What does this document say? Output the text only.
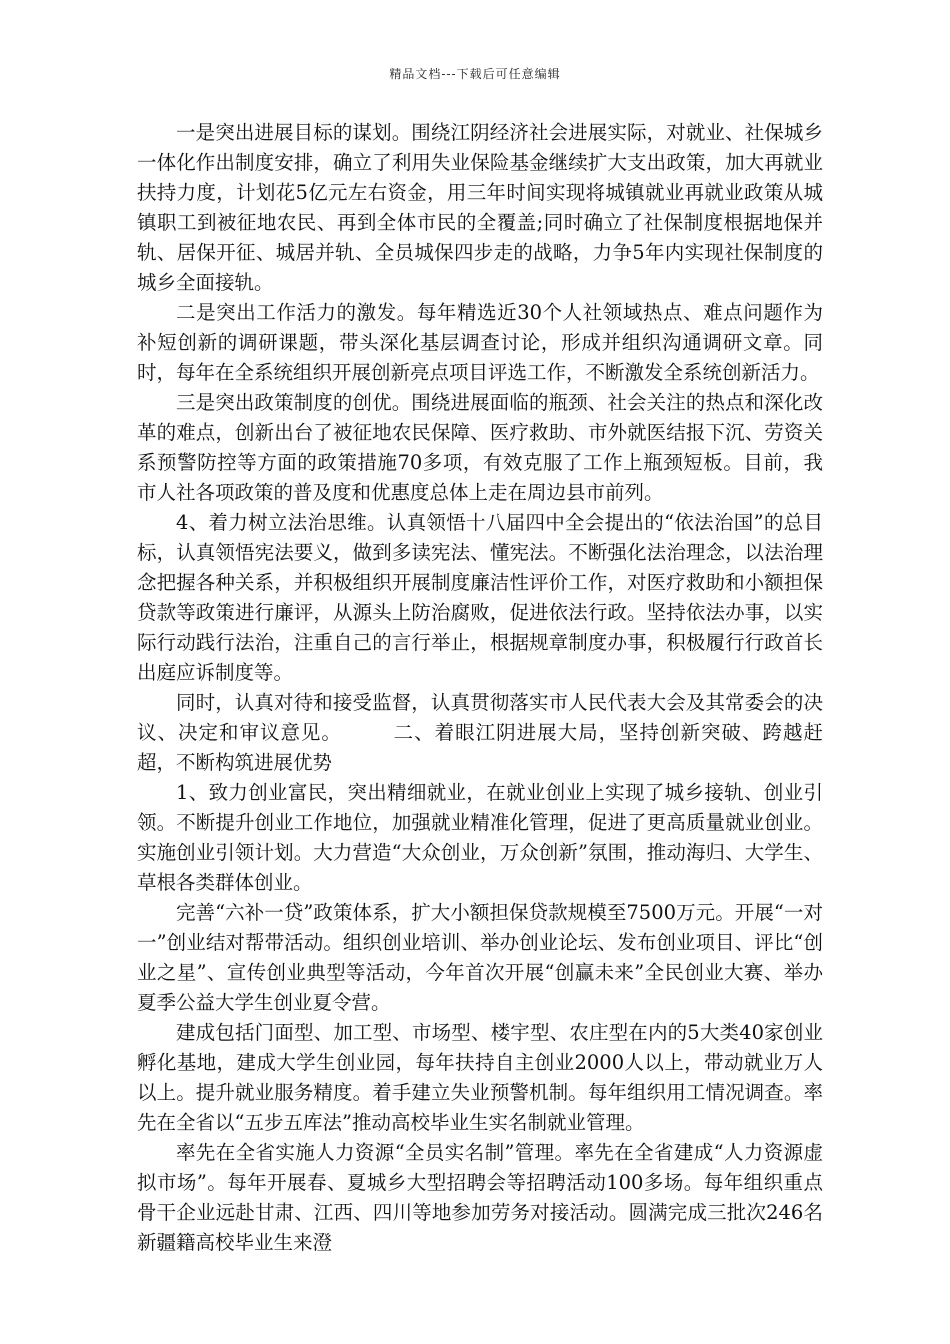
精品文档---下载后可任意编辑

一是突出进展目标的谋划。围绕江阴经济社会进展实际，对就业、社保城乡一体化作出制度安排，确立了利用失业保险基金继续扩大支出政策，加大再就业扶持力度，计划花5亿元左右资金，用三年时间实现将城镇就业再就业政策从城镇职工到被征地农民、再到全体市民的全覆盖;同时确立了社保制度根据地保并轨、居保开征、城居并轨、全员城保四步走的战略，力争5年内实现社保制度的城乡全面接轨。

二是突出工作活力的激发。每年精选近30个人社领域热点、难点问题作为补短创新的调研课题，带头深化基层调查讨论，形成并组织沟通调研文章。同时，每年在全系统组织开展创新亮点项目评选工作，不断激发全系统创新活力。

三是突出政策制度的创优。围绕进展面临的瓶颈、社会关注的热点和深化改革的难点，创新出台了被征地农民保障、医疗救助、市外就医结报下沉、劳资关系预警防控等方面的政策措施70多项，有效克服了工作上瓶颈短板。目前，我市人社各项政策的普及度和优惠度总体上走在周边县市前列。

4、着力树立法治思维。认真领悟十八届四中全会提出的“依法治国”的总目标，认真领悟宪法要义，做到多读宪法、懂宪法。不断强化法治理念，以法治理念把握各种关系，并积极组织开展制度廉洁性评价工作，对医疗救助和小额担保贷款等政策进行廉评，从源头上防治腐败，促进依法行政。坚持依法办事，以实际行动践行法治，注重自己的言行举止，根据规章制度办事，积极履行行政首长出庭应诉制度等。

同时，认真对待和接受监督，认真贯彻落实市人民代表大会及其常委会的决议、决定和审议意见。　　　二、着眼江阴进展大局，坚持创新突破、跨越赶超，不断构筑进展优势

1、致力创业富民，突出精细就业，在就业创业上实现了城乡接轨、创业引领。不断提升创业工作地位，加强就业精准化管理，促进了更高质量就业创业。实施创业引领计划。大力营造“大众创业，万众创新”氛围，推动海归、大学生、草根各类群体创业。

完善“六补一贷”政策体系，扩大小额担保贷款规模至7500万元。开展“一对一”创业结对帮带活动。组织创业培训、举办创业论坛、发布创业项目、评比“创业之星”、宣传创业典型等活动，今年首次开展“创赢未来”全民创业大赛、举办夏季公益大学生创业夏令营。

建成包括门面型、加工型、市场型、楼宇型、农庄型在内的5大类40家创业孵化基地，建成大学生创业园，每年扶持自主创业2000人以上，带动就业万人以上。提升就业服务精度。着手建立失业预警机制。每年组织用工情况调查。率先在全省以“五步五库法”推动高校毕业生实名制就业管理。

率先在全省实施人力资源“全员实名制”管理。率先在全省建成“人力资源虚拟市场”。每年开展春、夏城乡大型招聘会等招聘活动100多场。每年组织重点骨干企业远赴甘肃、江西、四川等地参加劳务对接活动。圆满完成三批次246名新疆籍高校毕业生来澄
